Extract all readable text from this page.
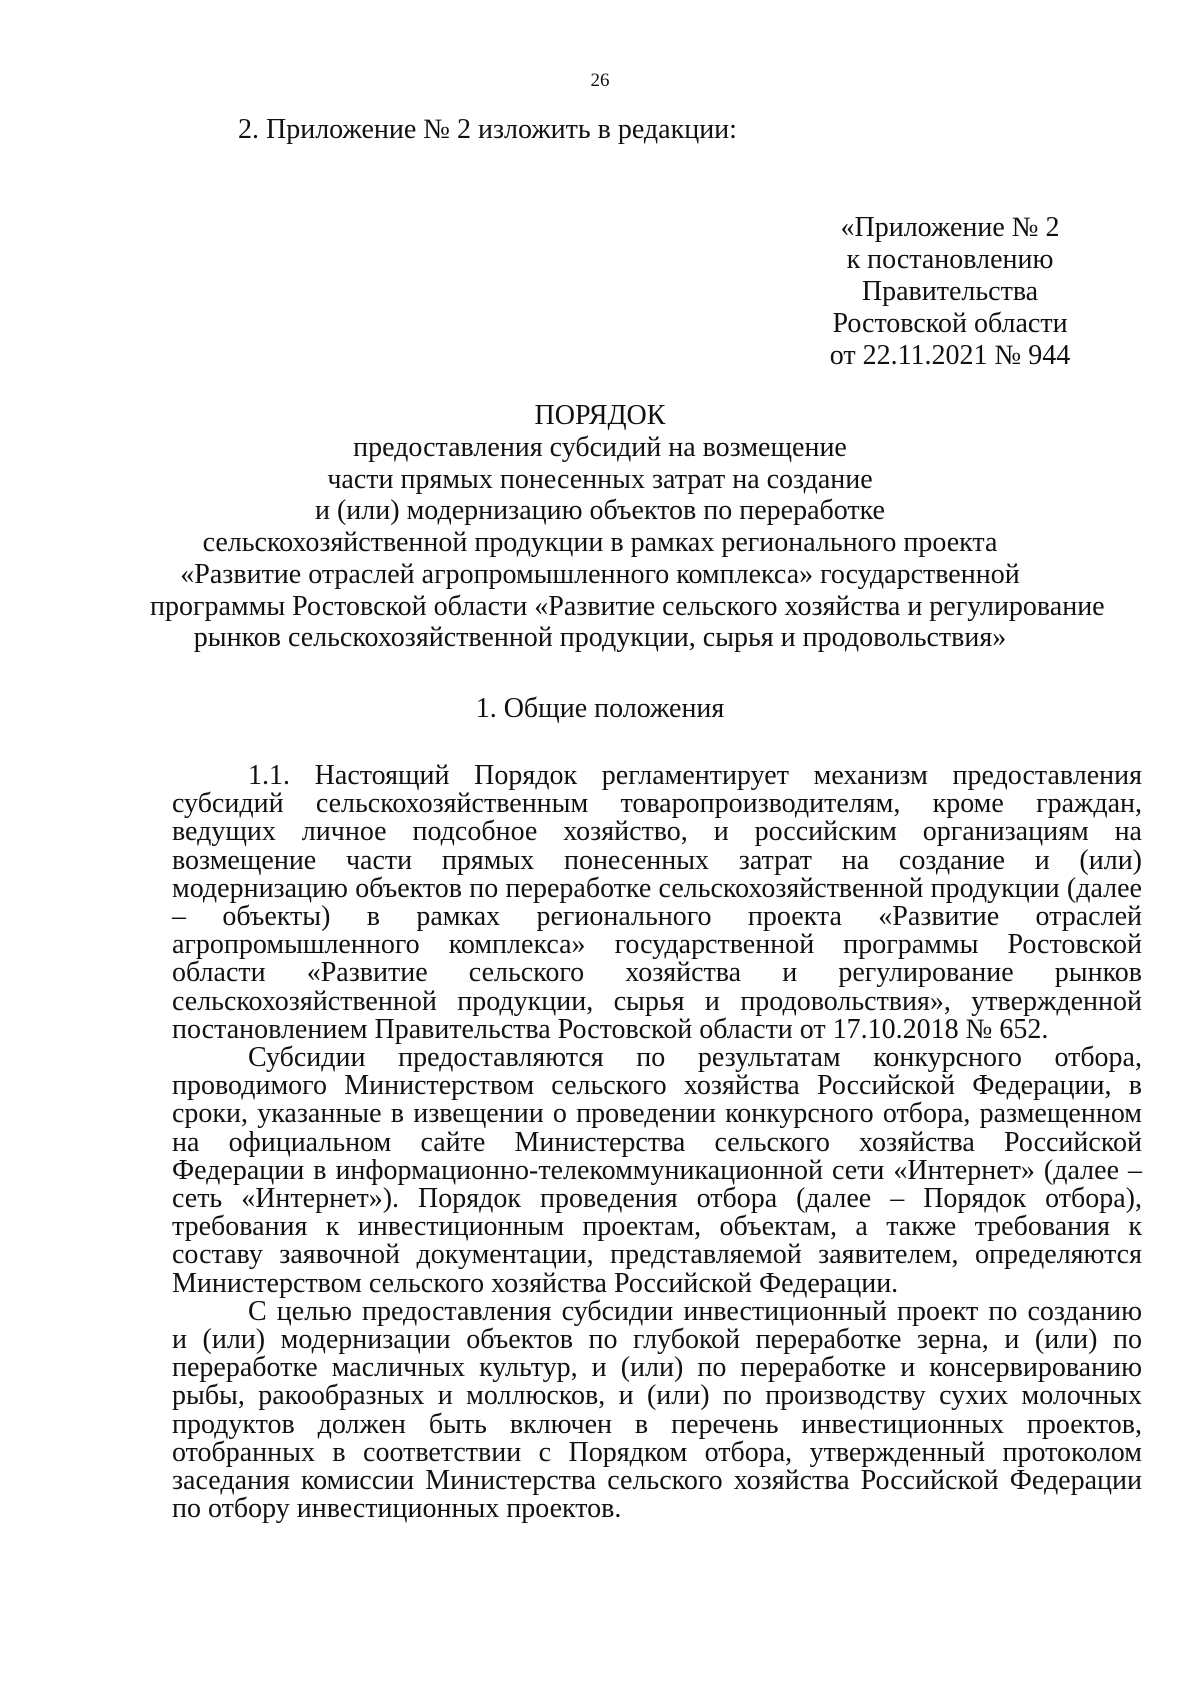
26

2. Приложение № 2 изложить в редакции:

«Приложение № 2
к постановлению
Правительства
Ростовской области
от 22.11.2021 № 944
ПОРЯДОК
предоставления субсидий на возмещение
части прямых понесенных затрат на создание
и (или) модернизацию объектов по переработке
сельскохозяйственной продукции в рамках регионального проекта
«Развитие отраслей агропромышленного комплекса» государственной
программы Ростовской области «Развитие сельского хозяйства и регулирование
рынков сельскохозяйственной продукции, сырья и продовольствия»
1. Общие положения

1.1. Настоящий Порядок регламентирует механизм предоставления субсидий сельскохозяйственным товаропроизводителям, кроме граждан, ведущих личное подсобное хозяйство, и российским организациям на возмещение части прямых понесенных затрат на создание и (или) модернизацию объектов по переработке сельскохозяйственной продукции (далее – объекты) в рамках регионального проекта «Развитие отраслей агропромышленного комплекса» государственной программы Ростовской области «Развитие сельского хозяйства и регулирование рынков сельскохозяйственной продукции, сырья и продовольствия», утвержденной постановлением Правительства Ростовской области от 17.10.2018 № 652.

Субсидии предоставляются по результатам конкурсного отбора, проводимого Министерством сельского хозяйства Российской Федерации, в сроки, указанные в извещении о проведении конкурсного отбора, размещенном на официальном сайте Министерства сельского хозяйства Российской Федерации в информационно-телекоммуникационной сети «Интернет» (далее – сеть «Интернет»). Порядок проведения отбора (далее – Порядок отбора), требования к инвестиционным проектам, объектам, а также требования к составу заявочной документации, представляемой заявителем, определяются Министерством сельского хозяйства Российской Федерации.

С целью предоставления субсидии инвестиционный проект по созданию и (или) модернизации объектов по глубокой переработке зерна, и (или) по переработке масличных культур, и (или) по переработке и консервированию рыбы, ракообразных и моллюсков, и (или) по производству сухих молочных продуктов должен быть включен в перечень инвестиционных проектов, отобранных в соответствии с Порядком отбора, утвержденный протоколом заседания комиссии Министерства сельского хозяйства Российской Федерации по отбору инвестиционных проектов.
